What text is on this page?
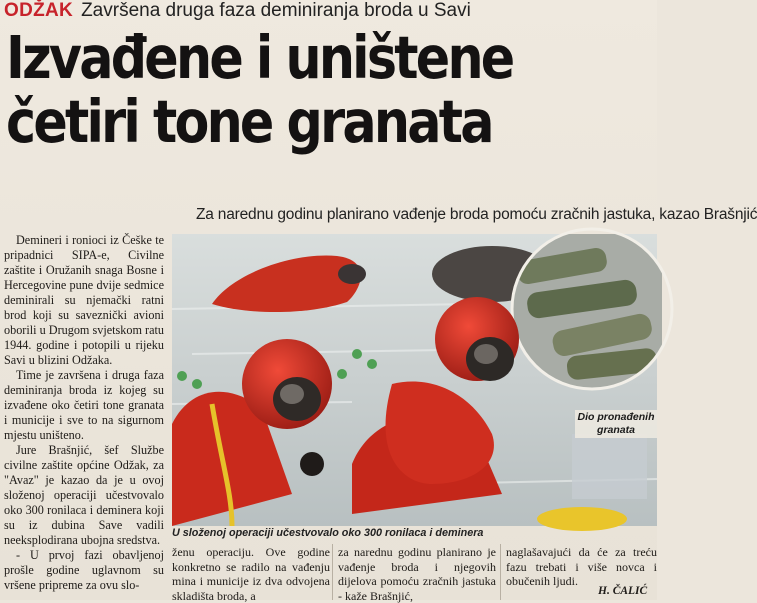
ODŽAK Završena druga faza deminiranja broda u Savi
Izvađene i uništene
četiri tone granata
Za narednu godinu planirano vađenje broda pomoću zračnih jastuka, kazao Brašnjić

Demineri i ronioci iz Češke te pripadnici SIPA-e, Civilne zaštite i Oružanih snaga Bosne i Hercegovine pune dvije sedmice deminirali su njemački ratni brod koji su saveznički avioni oborili u Drugom svjetskom ratu 1944. godine i potopili u rijeku Savi u blizini Odžaka.

Time je završena i druga faza deminiranja broda iz kojeg su izvađene oko četiri tone granata i municije i sve to na sigurnom mjestu uništeno.

Jure Brašnjić, šef Službe civilne zaštite općine Odžak, za "Avaz" je kazao da je u ovoj složenoj operaciji učestvovalo oko 300 ronilaca i deminera koji su iz dubina Save vadili neeksplodirana ubojna sredstva.

- U prvoj fazi obavljenoj prošle godine uglavnom su vršene pripreme za ovu slo-

Dio pronađenih granata
U složenoj operaciji učestvovalo oko 300 ronilaca i deminera
ženu operaciju. Ove godine konkretno se radilo na vađenju mina i municije iz dva odvojena skladišta broda, a
za narednu godinu planirano je vađenje broda i njegovih dijelova pomoću zračnih jastuka - kaže Brašnjić,
naglašavajući da će za treću fazu trebati i više novca i obučenih ljudi.
H. ČALIĆ
